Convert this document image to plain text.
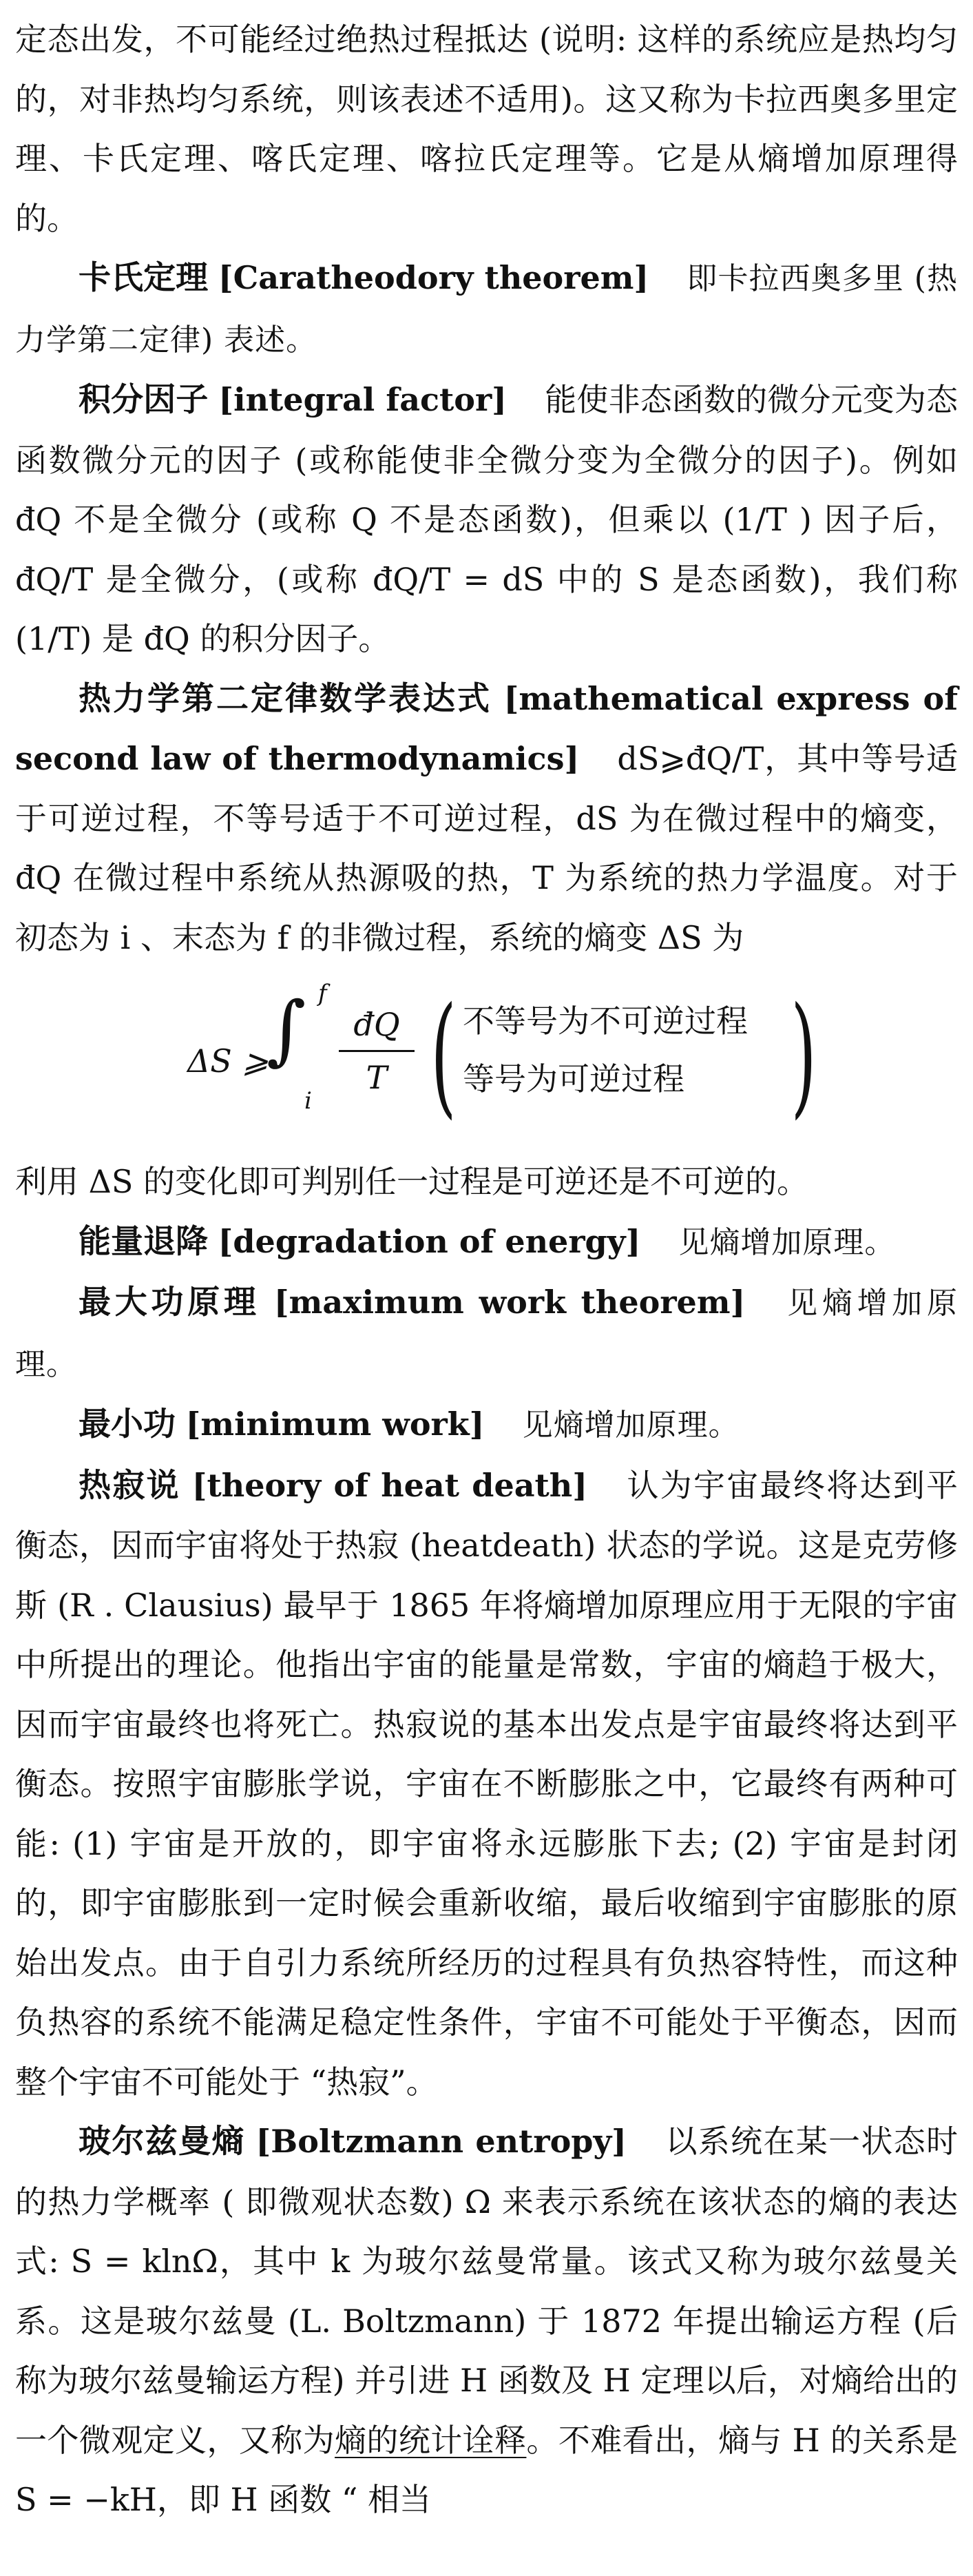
定态出发，不可能经过绝热过程抵达 (说明: 这样的系统应是热均匀的，对非热均匀系统，则该表述不适用)。这又称为卡拉西奥多里定理、卡氏定理、喀氏定理、喀拉氏定理等。它是从熵增加原理得的。

卡氏定理 [Caratheodory theorem] 即卡拉西奥多里 (热力学第二定律) 表述。

积分因子 [integral factor] 能使非态函数的微分元变为态函数微分元的因子 (或称能使非全微分变为全微分的因子)。例如 đQ 不是全微分 (或称 Q 不是态函数)，但乘以 (1/T ) 因子后，đQ/T 是全微分，(或称 đQ/T = dS 中的 S 是态函数)，我们称 (1/T) 是 đQ 的积分因子。

热力学第二定律数学表达式 [mathematical express of second law of thermodynamics] dS⩾đQ/T，其中等号适于可逆过程，不等号适于不可逆过程，dS 为在微过程中的熵变，đQ 在微过程中系统从热源吸的热，T 为系统的热力学温度。对于初态为 i 、末态为 f 的非微过程，系统的熵变 ΔS 为

ΔS ⩾
∫ f
i
đQ
T ( 不等号为不可逆过程
等号为可逆过程 )

利用 ΔS 的变化即可判别任一过程是可逆还是不可逆的。

能量退降 [degradation of energy] 见熵增加原理。

最大功原理 [maximum work theorem] 见熵增加原理。

最小功 [minimum work] 见熵增加原理。

热寂说 [theory of heat death] 认为宇宙最终将达到平衡态，因而宇宙将处于热寂 (heatdeath) 状态的学说。这是克劳修斯 (R . Clausius) 最早于 1865 年将熵增加原理应用于无限的宇宙中所提出的理论。他指出宇宙的能量是常数，宇宙的熵趋于极大，因而宇宙最终也将死亡。热寂说的基本出发点是宇宙最终将达到平衡态。按照宇宙膨胀学说，宇宙在不断膨胀之中，它最终有两种可能: (1) 宇宙是开放的，即宇宙将永远膨胀下去; (2) 宇宙是封闭的，即宇宙膨胀到一定时候会重新收缩，最后收缩到宇宙膨胀的原始出发点。由于自引力系统所经历的过程具有负热容特性，而这种负热容的系统不能满足稳定性条件，宇宙不可能处于平衡态，因而整个宇宙不可能处于 “热寂”。

玻尔兹曼熵 [Boltzmann entropy] 以系统在某一状态时的热力学概率 ( 即微观状态数) Ω 来表示系统在该状态的熵的表达式: S = klnΩ，其中 k 为玻尔兹曼常量。该式又称为玻尔兹曼关系。这是玻尔兹曼 (L. Boltzmann) 于 1872 年提出输运方程 (后称为玻尔兹曼输运方程) 并引进 H 函数及 H 定理以后，对熵给出的一个微观定义，又称为熵的统计诠释。不难看出，熵与 H 的关系是 S = −kH，即 H 函数 “ 相当
